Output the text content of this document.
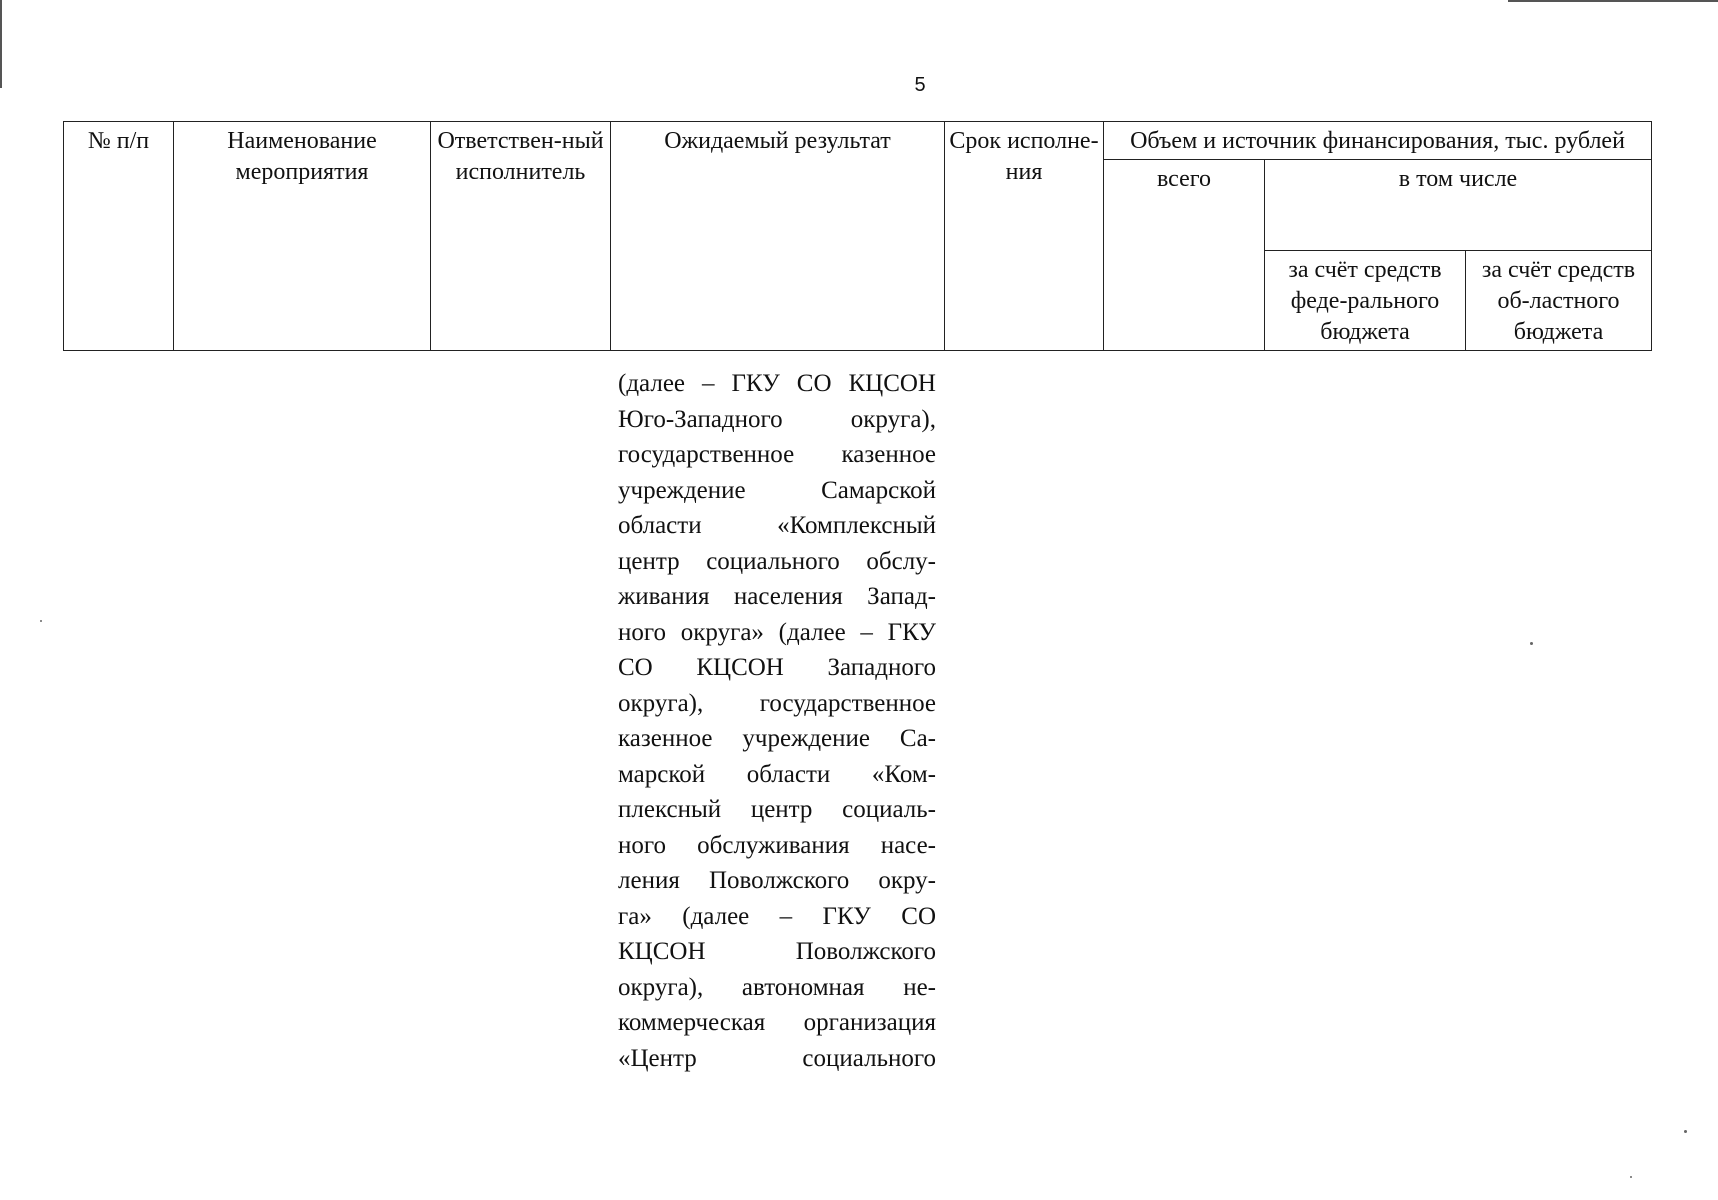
5
№ п/п	Наименование мероприятия	Ответствен-ный исполнитель	Ожидаемый результат	Срок исполне-ния	Объем и источник финансирования, тыс. рублей		
					всего	в том числе	
						за счёт средств феде-рального бюджета	за счёт средств об-ластного бюджета
(далее – ГКУ СО КЦСОН
Юго-Западного округа),
государственное казенное
учреждение Самарской
области «Комплексный
центр социального обслу-
живания населения Запад-
ного округа» (далее – ГКУ
СО КЦСОН Западного
округа), государственное
казенное учреждение Са-
марской области «Ком-
плексный центр социаль-
ного обслуживания насе-
ления Поволжского окру-
га» (далее – ГКУ СО
КЦСОН Поволжского
округа), автономная не-
коммерческая организация
«Центр социального
